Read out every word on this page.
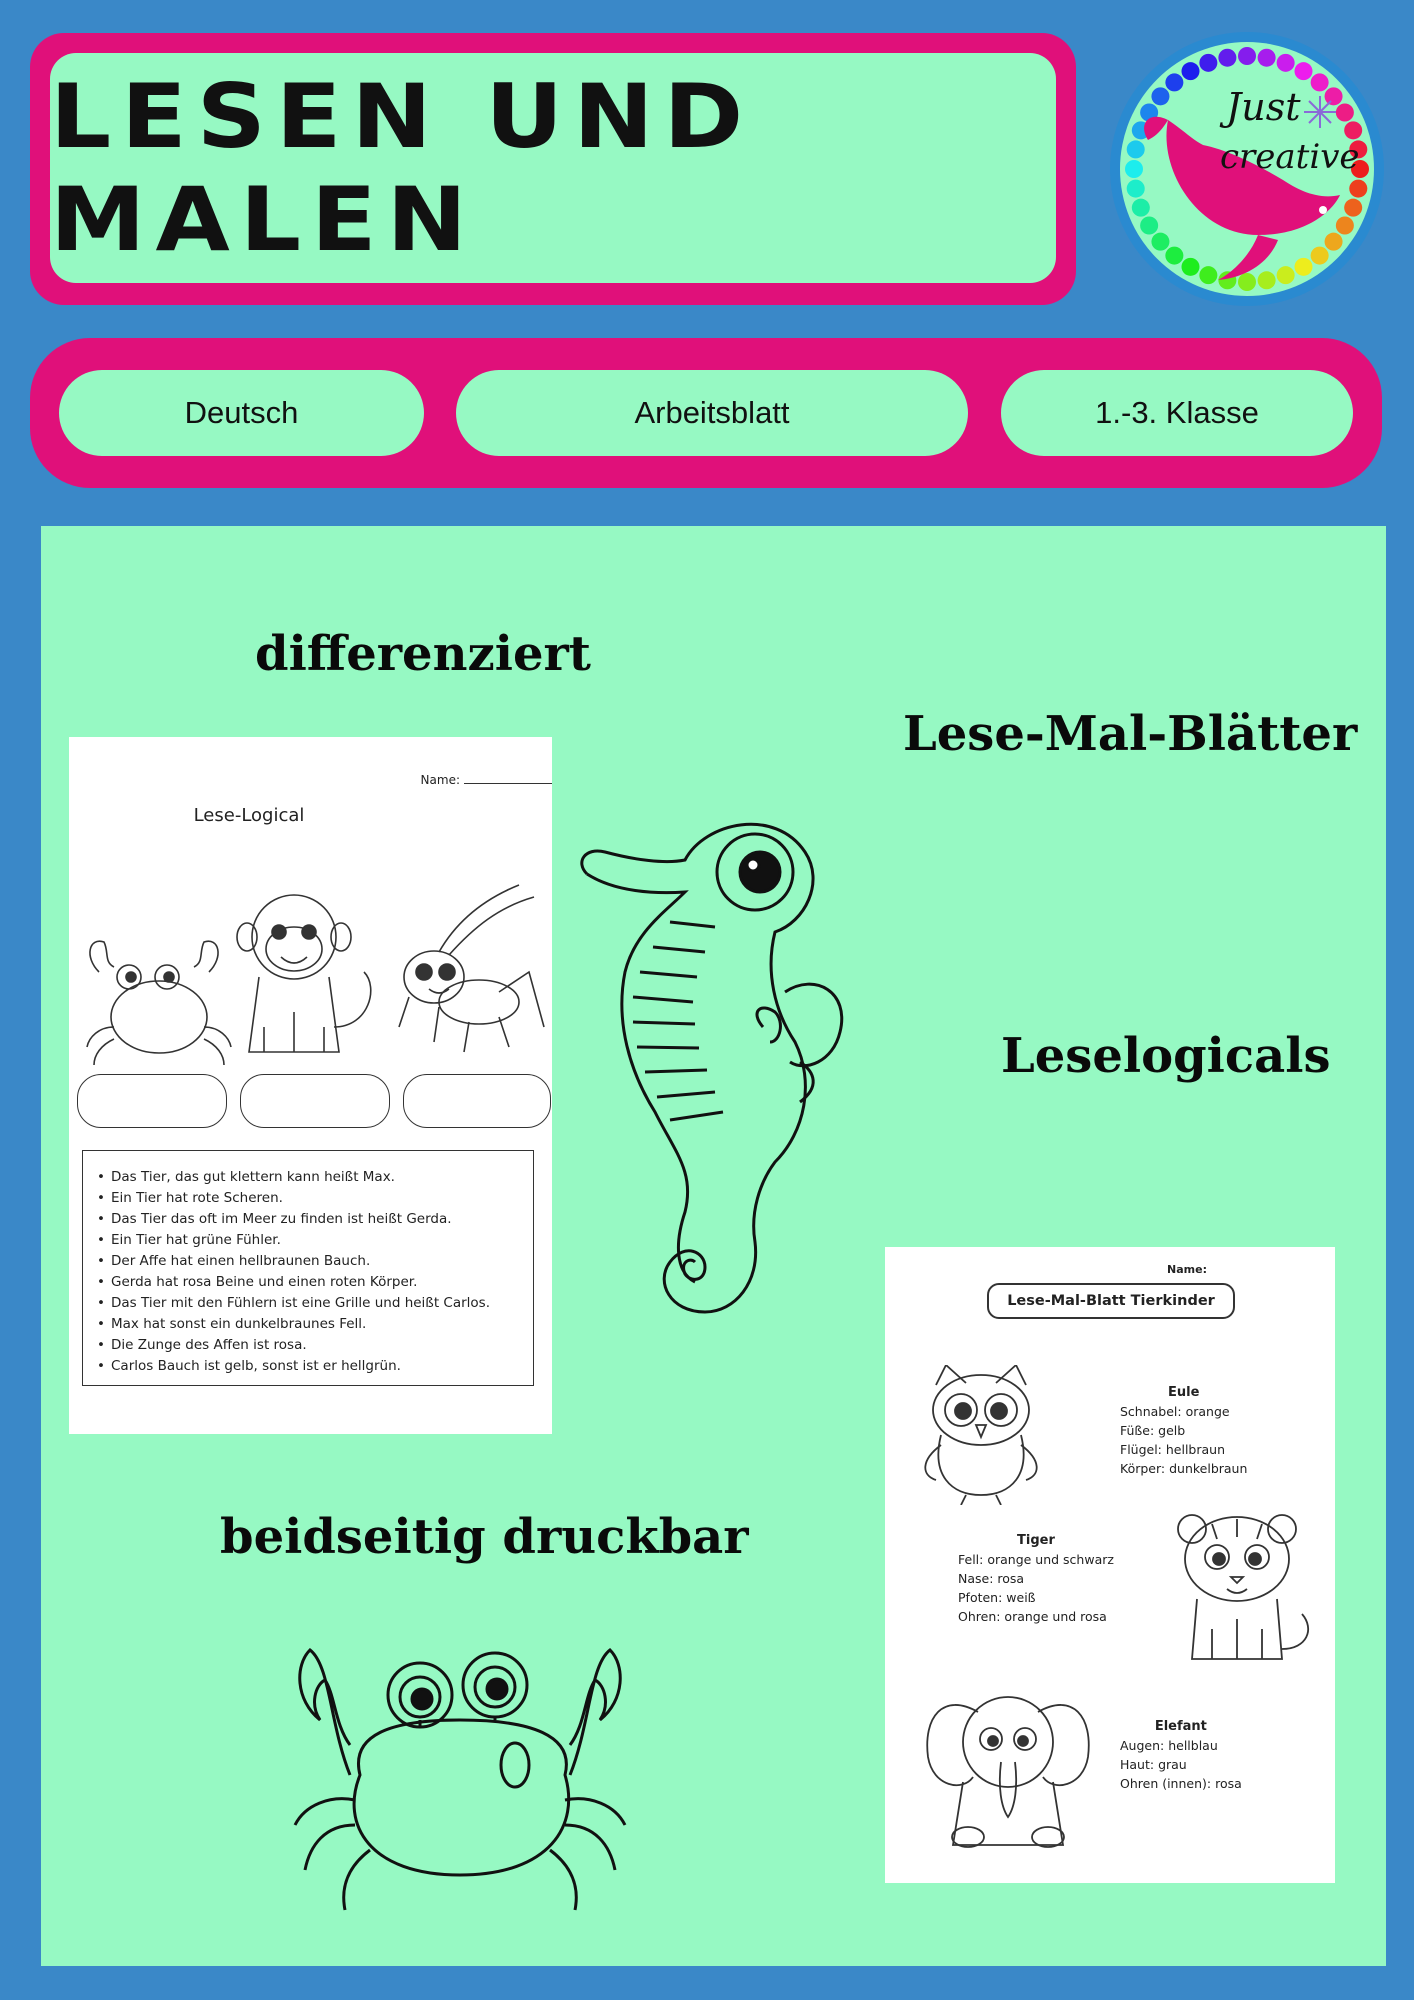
LESEN UND MALEN
Just
creative
Deutsch	Arbeitsblatt	1.-3. Klasse
differenziert
Lese-Mal-Blätter
Leselogicals
beidseitig druckbar
Name:
Lese-Logical
• Das Tier, das gut klettern kann heißt Max.
• Ein Tier hat rote Scheren.
• Das Tier das oft im Meer zu finden ist heißt Gerda.
• Ein Tier hat grüne Fühler.
• Der Affe hat einen hellbraunen Bauch.
• Gerda hat rosa Beine und einen roten Körper.
• Das Tier mit den Fühlern ist eine Grille und heißt Carlos.
• Max hat sonst ein dunkelbraunes Fell.
• Die Zunge des Affen ist rosa.
• Carlos Bauch ist gelb, sonst ist er hellgrün.
Name:
Lese-Mal-Blatt Tierkinder
Eule
Schnabel: orange
Füße: gelb
Flügel: hellbraun
Körper: dunkelbraun
Tiger
Fell: orange und schwarz
Nase: rosa
Pfoten: weiß
Ohren: orange und rosa
Elefant
Augen: hellblau
Haut: grau
Ohren (innen): rosa
